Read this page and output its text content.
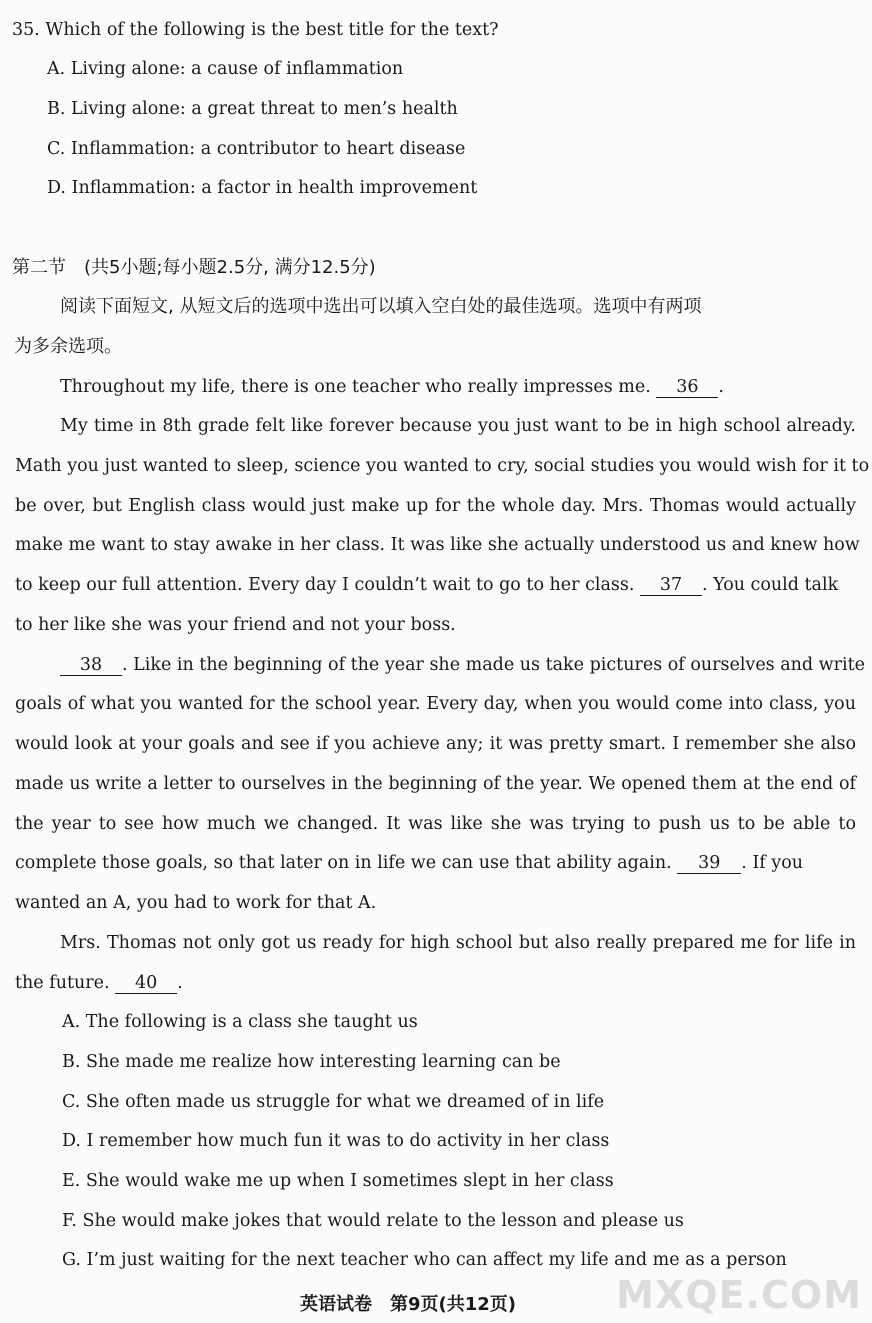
35. Which of the following is the best title for the text?
A. Living alone: a cause of inflammation
B. Living alone: a great threat to men’s health
C. Inflammation: a contributor to heart disease
D. Inflammation: a factor in health improvement
第二节　(共5小题;每小题2.5分, 满分12.5分)
阅读下面短文, 从短文后的选项中选出可以填入空白处的最佳选项。选项中有两项
为多余选项。
Throughout my life, there is one teacher who really impresses me. 36 .
My time in 8th grade felt like forever because you just want to be in high school already.
Math you just wanted to sleep, science you wanted to cry, social studies you would wish for it to
be over, but English class would just make up for the whole day. Mrs. Thomas would actually
make me want to stay awake in her class. It was like she actually understood us and knew how
to keep our full attention. Every day I couldn’t wait to go to her class. 37 . You could talk
to her like she was your friend and not your boss.
38 . Like in the beginning of the year she made us take pictures of ourselves and write
goals of what you wanted for the school year. Every day, when you would come into class, you
would look at your goals and see if you achieve any; it was pretty smart. I remember she also
made us write a letter to ourselves in the beginning of the year. We opened them at the end of
the year to see how much we changed. It was like she was trying to push us to be able to
complete those goals, so that later on in life we can use that ability again. 39 . If you
wanted an A, you had to work for that A.
Mrs. Thomas not only got us ready for high school but also really prepared me for life in
the future. 40 .
A. The following is a class she taught us
B. She made me realize how interesting learning can be
C. She often made us struggle for what we dreamed of in life
D. I remember how much fun it was to do activity in her class
E. She would wake me up when I sometimes slept in her class
F. She would make jokes that would relate to the lesson and please us
G. I’m just waiting for the next teacher who can affect my life and me as a person
英语试卷　第9页(共12页)	MXQE.COM
